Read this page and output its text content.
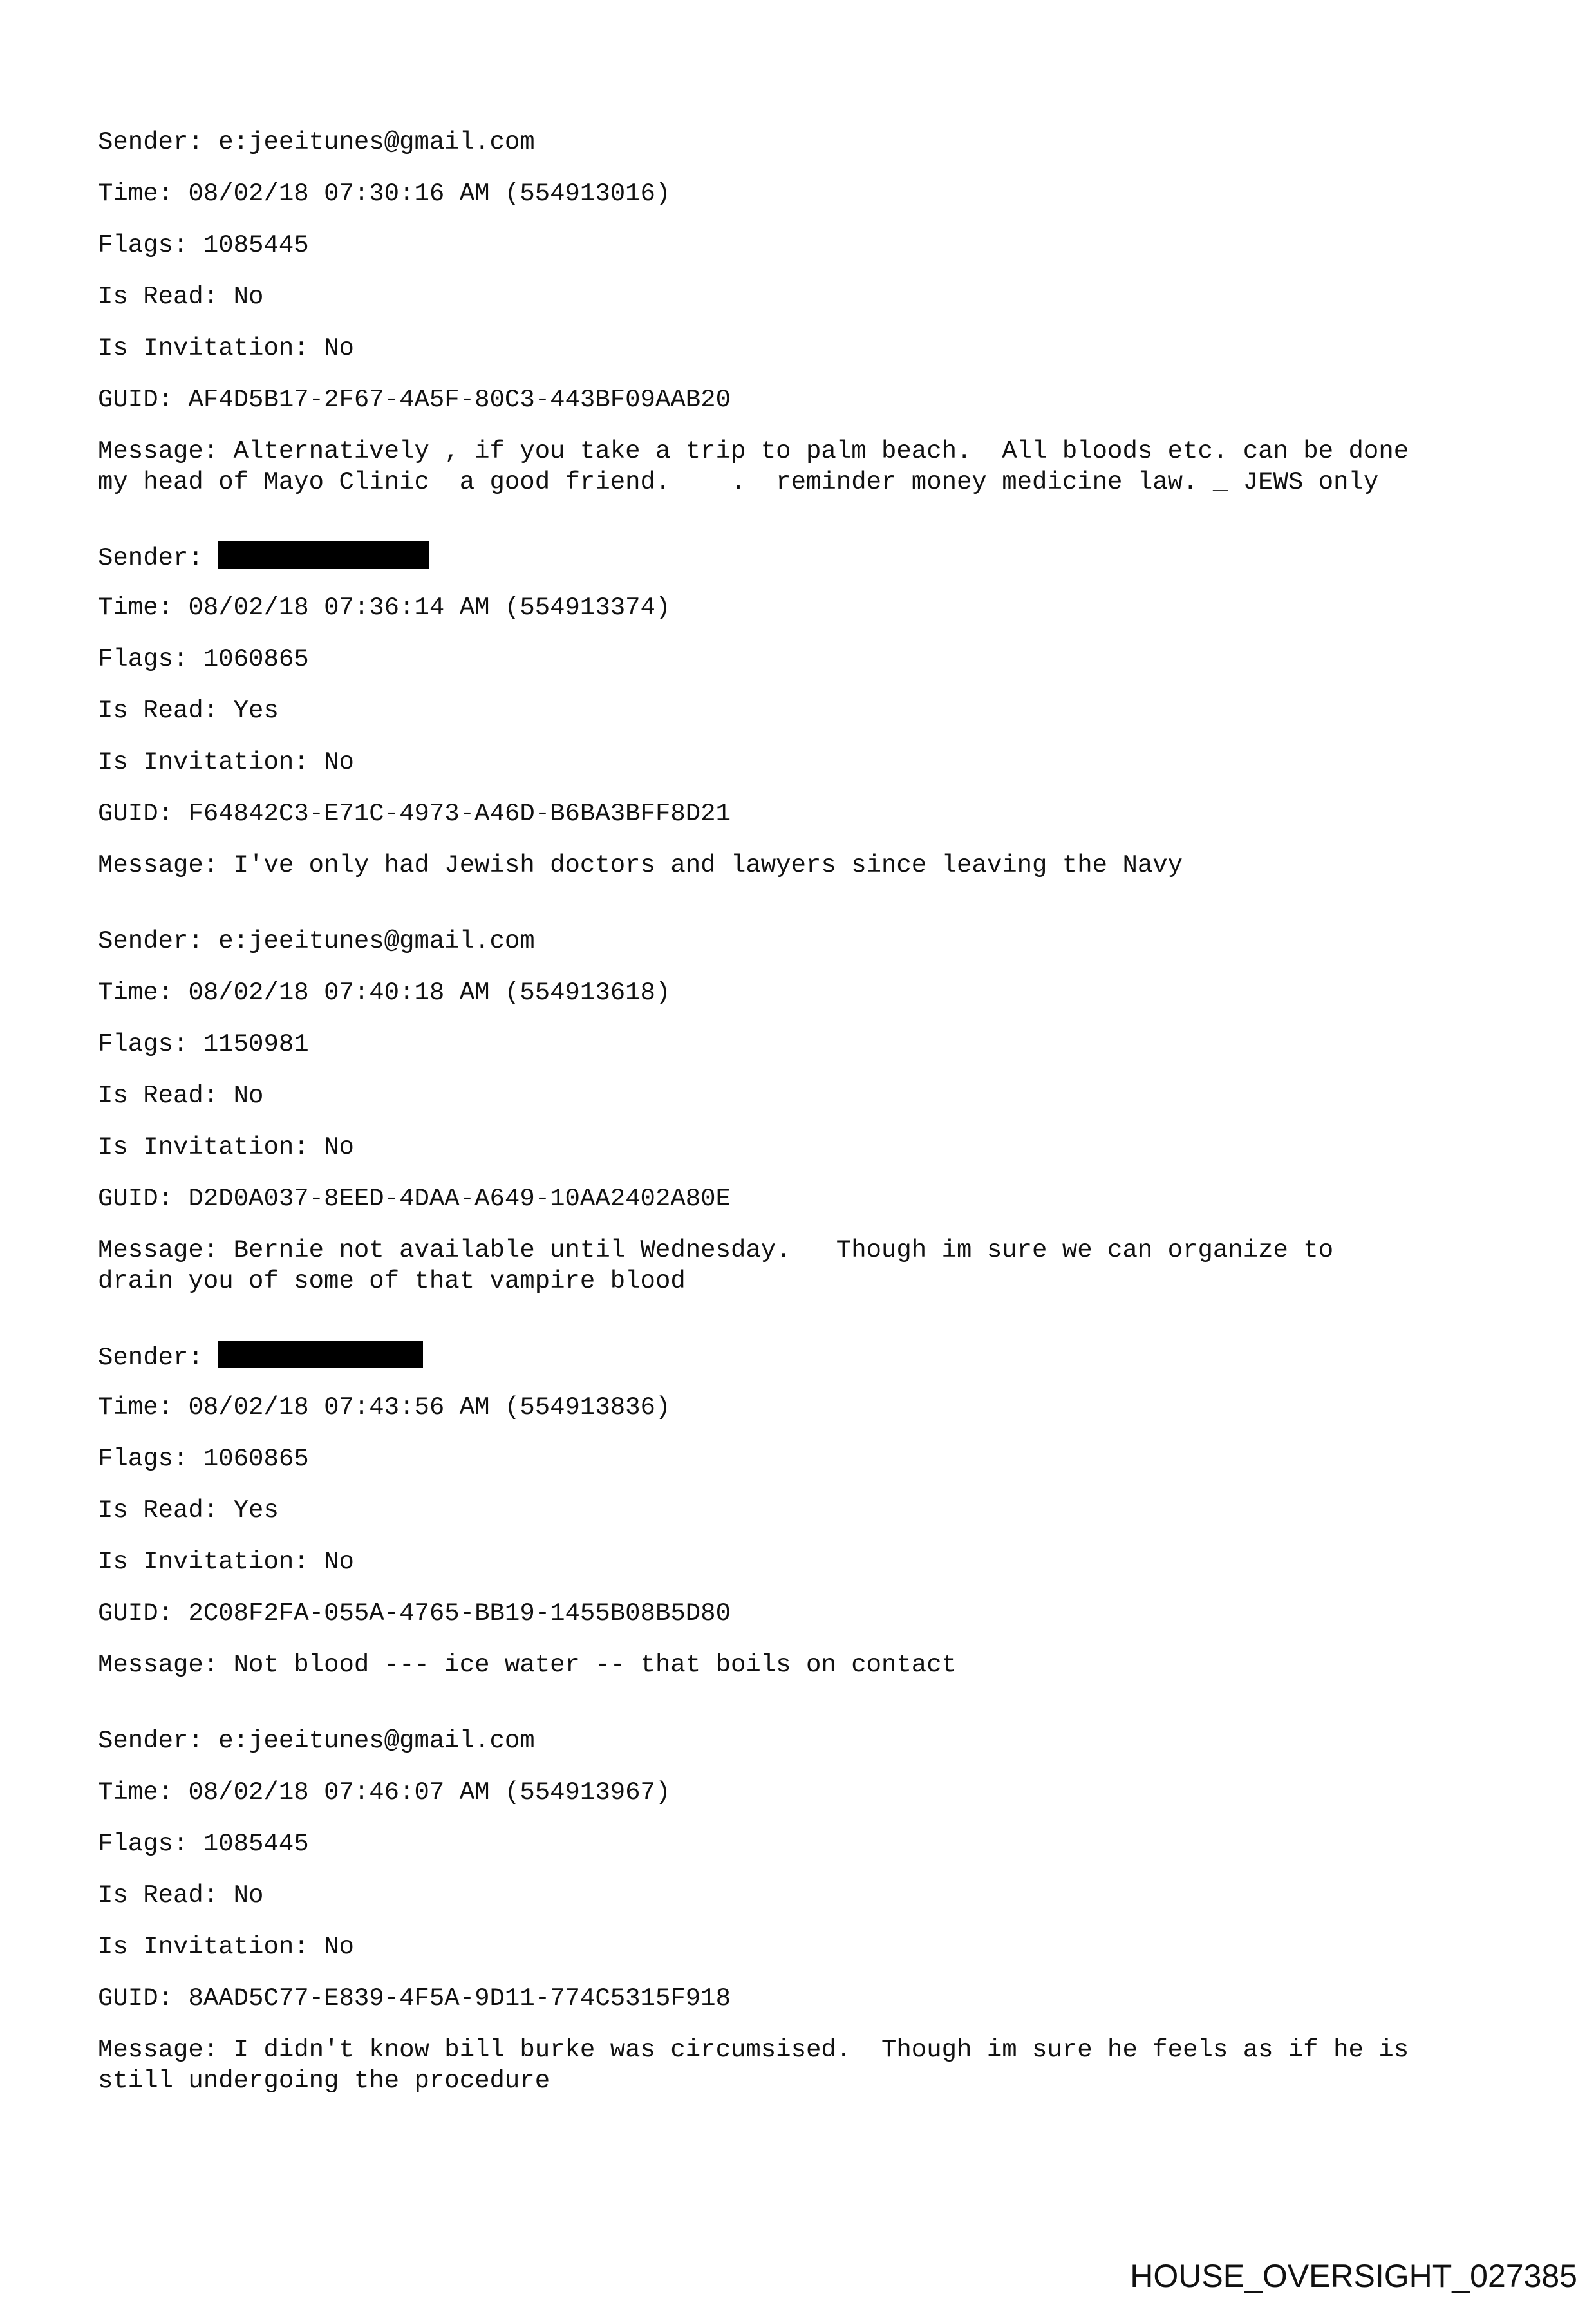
Sender: e:jeeitunes@gmail.com

Time: 08/02/18 07:30:16 AM (554913016)

Flags: 1085445

Is Read: No

Is Invitation: No

GUID: AF4D5B17-2F67-4A5F-80C3-443BF09AAB20

Message: Alternatively , if you take a trip to palm beach.  All bloods etc. can be done

my head of Mayo Clinic  a good friend.    .  reminder money medicine law. _ JEWS only

Sender:

Time: 08/02/18 07:36:14 AM (554913374)

Flags: 1060865

Is Read: Yes

Is Invitation: No

GUID: F64842C3-E71C-4973-A46D-B6BA3BFF8D21

Message: I've only had Jewish doctors and lawyers since leaving the Navy

Sender: e:jeeitunes@gmail.com

Time: 08/02/18 07:40:18 AM (554913618)

Flags: 1150981

Is Read: No

Is Invitation: No

GUID: D2D0A037-8EED-4DAA-A649-10AA2402A80E

Message: Bernie not available until Wednesday.   Though im sure we can organize to

drain you of some of that vampire blood

Sender:

Time: 08/02/18 07:43:56 AM (554913836)

Flags: 1060865

Is Read: Yes

Is Invitation: No

GUID: 2C08F2FA-055A-4765-BB19-1455B08B5D80

Message: Not blood --- ice water -- that boils on contact

Sender: e:jeeitunes@gmail.com

Time: 08/02/18 07:46:07 AM (554913967)

Flags: 1085445

Is Read: No

Is Invitation: No

GUID: 8AAD5C77-E839-4F5A-9D11-774C5315F918

Message: I didn't know bill burke was circumsised.  Though im sure he feels as if he is

still undergoing the procedure

HOUSE_OVERSIGHT_027385
